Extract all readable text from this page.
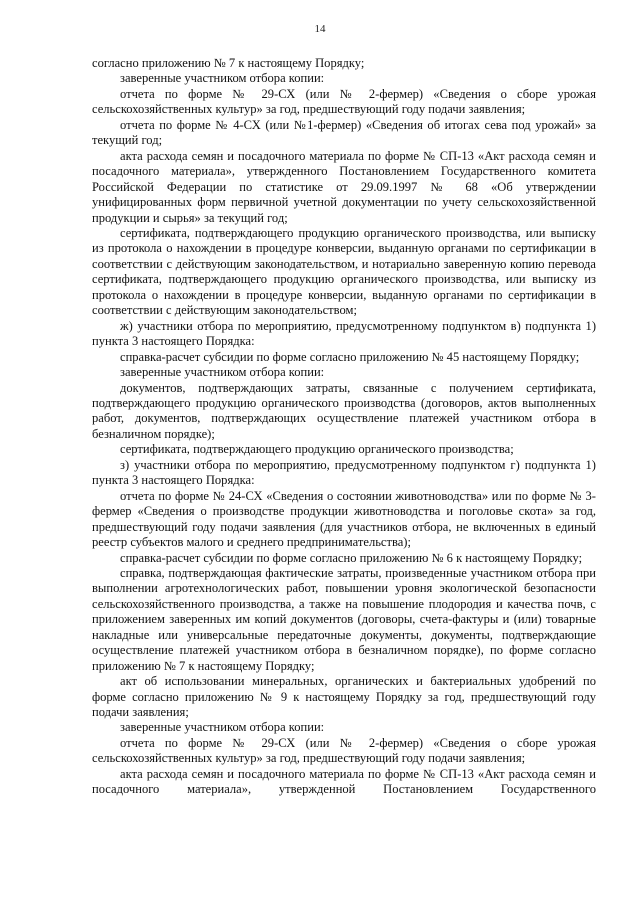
14

согласно приложению № 7 к настоящему Порядку;

заверенные участником отбора копии:

отчета по форме № 29-СХ (или № 2-фермер) «Сведения о сборе урожая сельскохозяйственных культур» за год, предшествующий году подачи заявления;

отчета по форме № 4-СХ (или №1-фермер) «Сведения об итогах сева под урожай» за текущий год;

акта расхода семян и посадочного материала по форме № СП-13 «Акт расхода семян и посадочного материала», утвержденного Постановлением Государственного комитета Российской Федерации по статистике от 29.09.1997 № 68 «Об утверждении унифицированных форм первичной учетной документации по учету сельскохозяйственной продукции и сырья» за текущий год;

сертификата, подтверждающего продукцию органического производства, или выписку из протокола о нахождении в процедуре конверсии, выданную органами по сертификации в соответствии с действующим законодательством, и нотариально заверенную копию перевода сертификата, подтверждающего продукцию органического производства, или выписку из протокола о нахождении в процедуре конверсии, выданную органами по сертификации в соответствии с действующим законодательством;

ж) участники отбора по мероприятию, предусмотренному подпунктом в) подпункта 1) пункта 3 настоящего Порядка:

справка-расчет субсидии по форме согласно приложению № 45 настоящему Порядку;

заверенные участником отбора копии:

документов, подтверждающих затраты, связанные с получением сертификата, подтверждающего продукцию органического производства (договоров, актов выполненных работ, документов, подтверждающих осуществление платежей участником отбора в безналичном порядке);

сертификата, подтверждающего продукцию органического производства;

з) участники отбора по мероприятию, предусмотренному подпунктом г) подпункта 1) пункта 3 настоящего Порядка:

отчета по форме № 24-СХ «Сведения о состоянии животноводства» или по форме № 3-фермер «Сведения о производстве продукции животноводства и поголовье скота» за год, предшествующий году подачи заявления (для участников отбора, не включенных в единый реестр субъектов малого и среднего предпринимательства);

справка-расчет субсидии по форме согласно приложению № 6 к настоящему Порядку;

справка, подтверждающая фактические затраты, произведенные участником отбора при выполнении агротехнологических работ, повышении уровня экологической безопасности сельскохозяйственного производства, а также на повышение плодородия и качества почв, с приложением заверенных им копий документов (договоры, счета-фактуры и (или) товарные накладные или универсальные передаточные документы, документы, подтверждающие осуществление платежей участником отбора в безналичном порядке), по форме согласно приложению № 7 к настоящему Порядку;

акт об использовании минеральных, органических и бактериальных удобрений по форме согласно приложению № 9 к настоящему Порядку за год, предшествующий году подачи заявления;

заверенные участником отбора копии:

отчета по форме № 29-СХ (или № 2-фермер) «Сведения о сборе урожая сельскохозяйственных культур» за год, предшествующий году подачи заявления;

акта расхода семян и посадочного материала по форме № СП-13 «Акт расхода семян и посадочного материала», утвержденной Постановлением Государственного
